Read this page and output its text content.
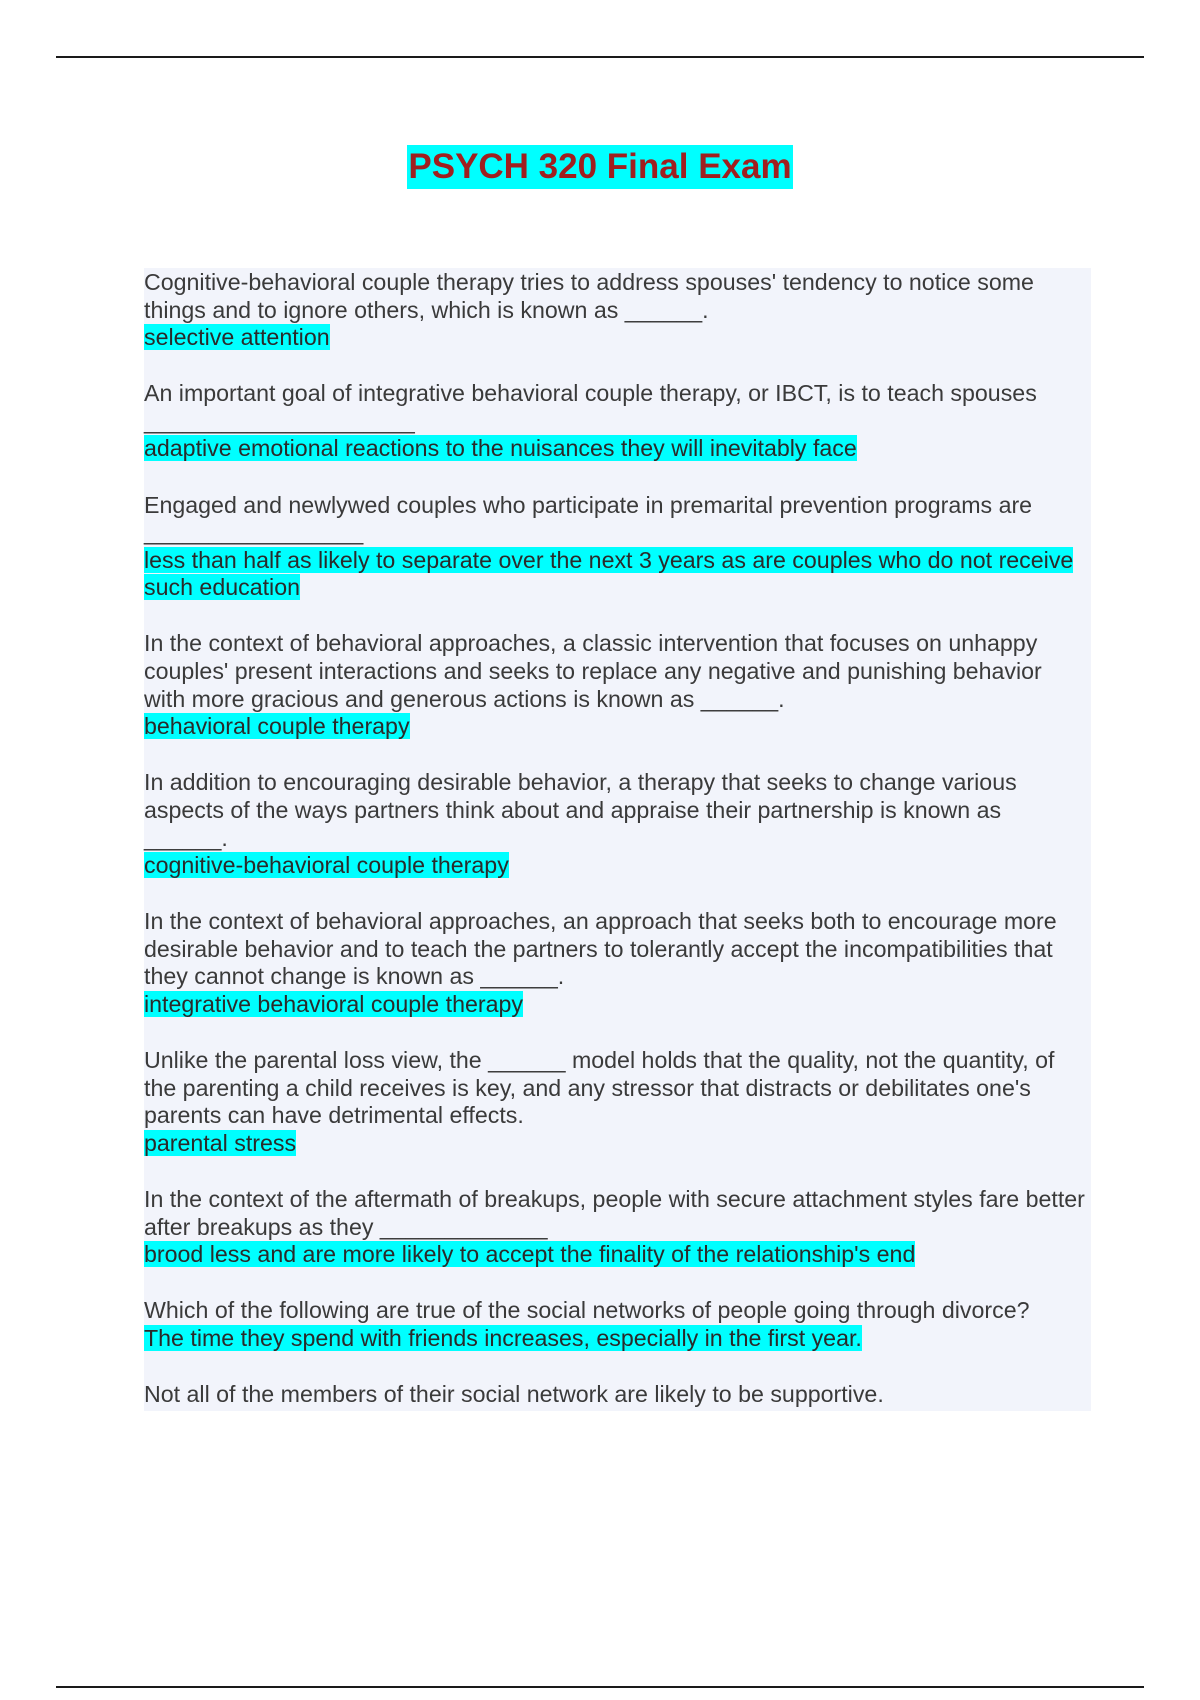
PSYCH 320 Final Exam

Cognitive-behavioral couple therapy tries to address spouses' tendency to notice some things and to ignore others, which is known as ______.

selective attention

An important goal of integrative behavioral couple therapy, or IBCT, is to teach spouses _____________________

adaptive emotional reactions to the nuisances they will inevitably face

Engaged and newlywed couples who participate in premarital prevention programs are _________________

less than half as likely to separate over the next 3 years as are couples who do not receive such education

In the context of behavioral approaches, a classic intervention that focuses on unhappy couples' present interactions and seeks to replace any negative and punishing behavior with more gracious and generous actions is known as ______.

behavioral couple therapy

In addition to encouraging desirable behavior, a therapy that seeks to change various aspects of the ways partners think about and appraise their partnership is known as ______.

cognitive-behavioral couple therapy

In the context of behavioral approaches, an approach that seeks both to encourage more desirable behavior and to teach the partners to tolerantly accept the incompatibilities that they cannot change is known as ______.

integrative behavioral couple therapy

Unlike the parental loss view, the ______ model holds that the quality, not the quantity, of the parenting a child receives is key, and any stressor that distracts or debilitates one's parents can have detrimental effects.

parental stress

In the context of the aftermath of breakups, people with secure attachment styles fare better after breakups as they _____________

brood less and are more likely to accept the finality of the relationship's end

Which of the following are true of the social networks of people going through divorce?

The time they spend with friends increases, especially in the first year.

Not all of the members of their social network are likely to be supportive.
